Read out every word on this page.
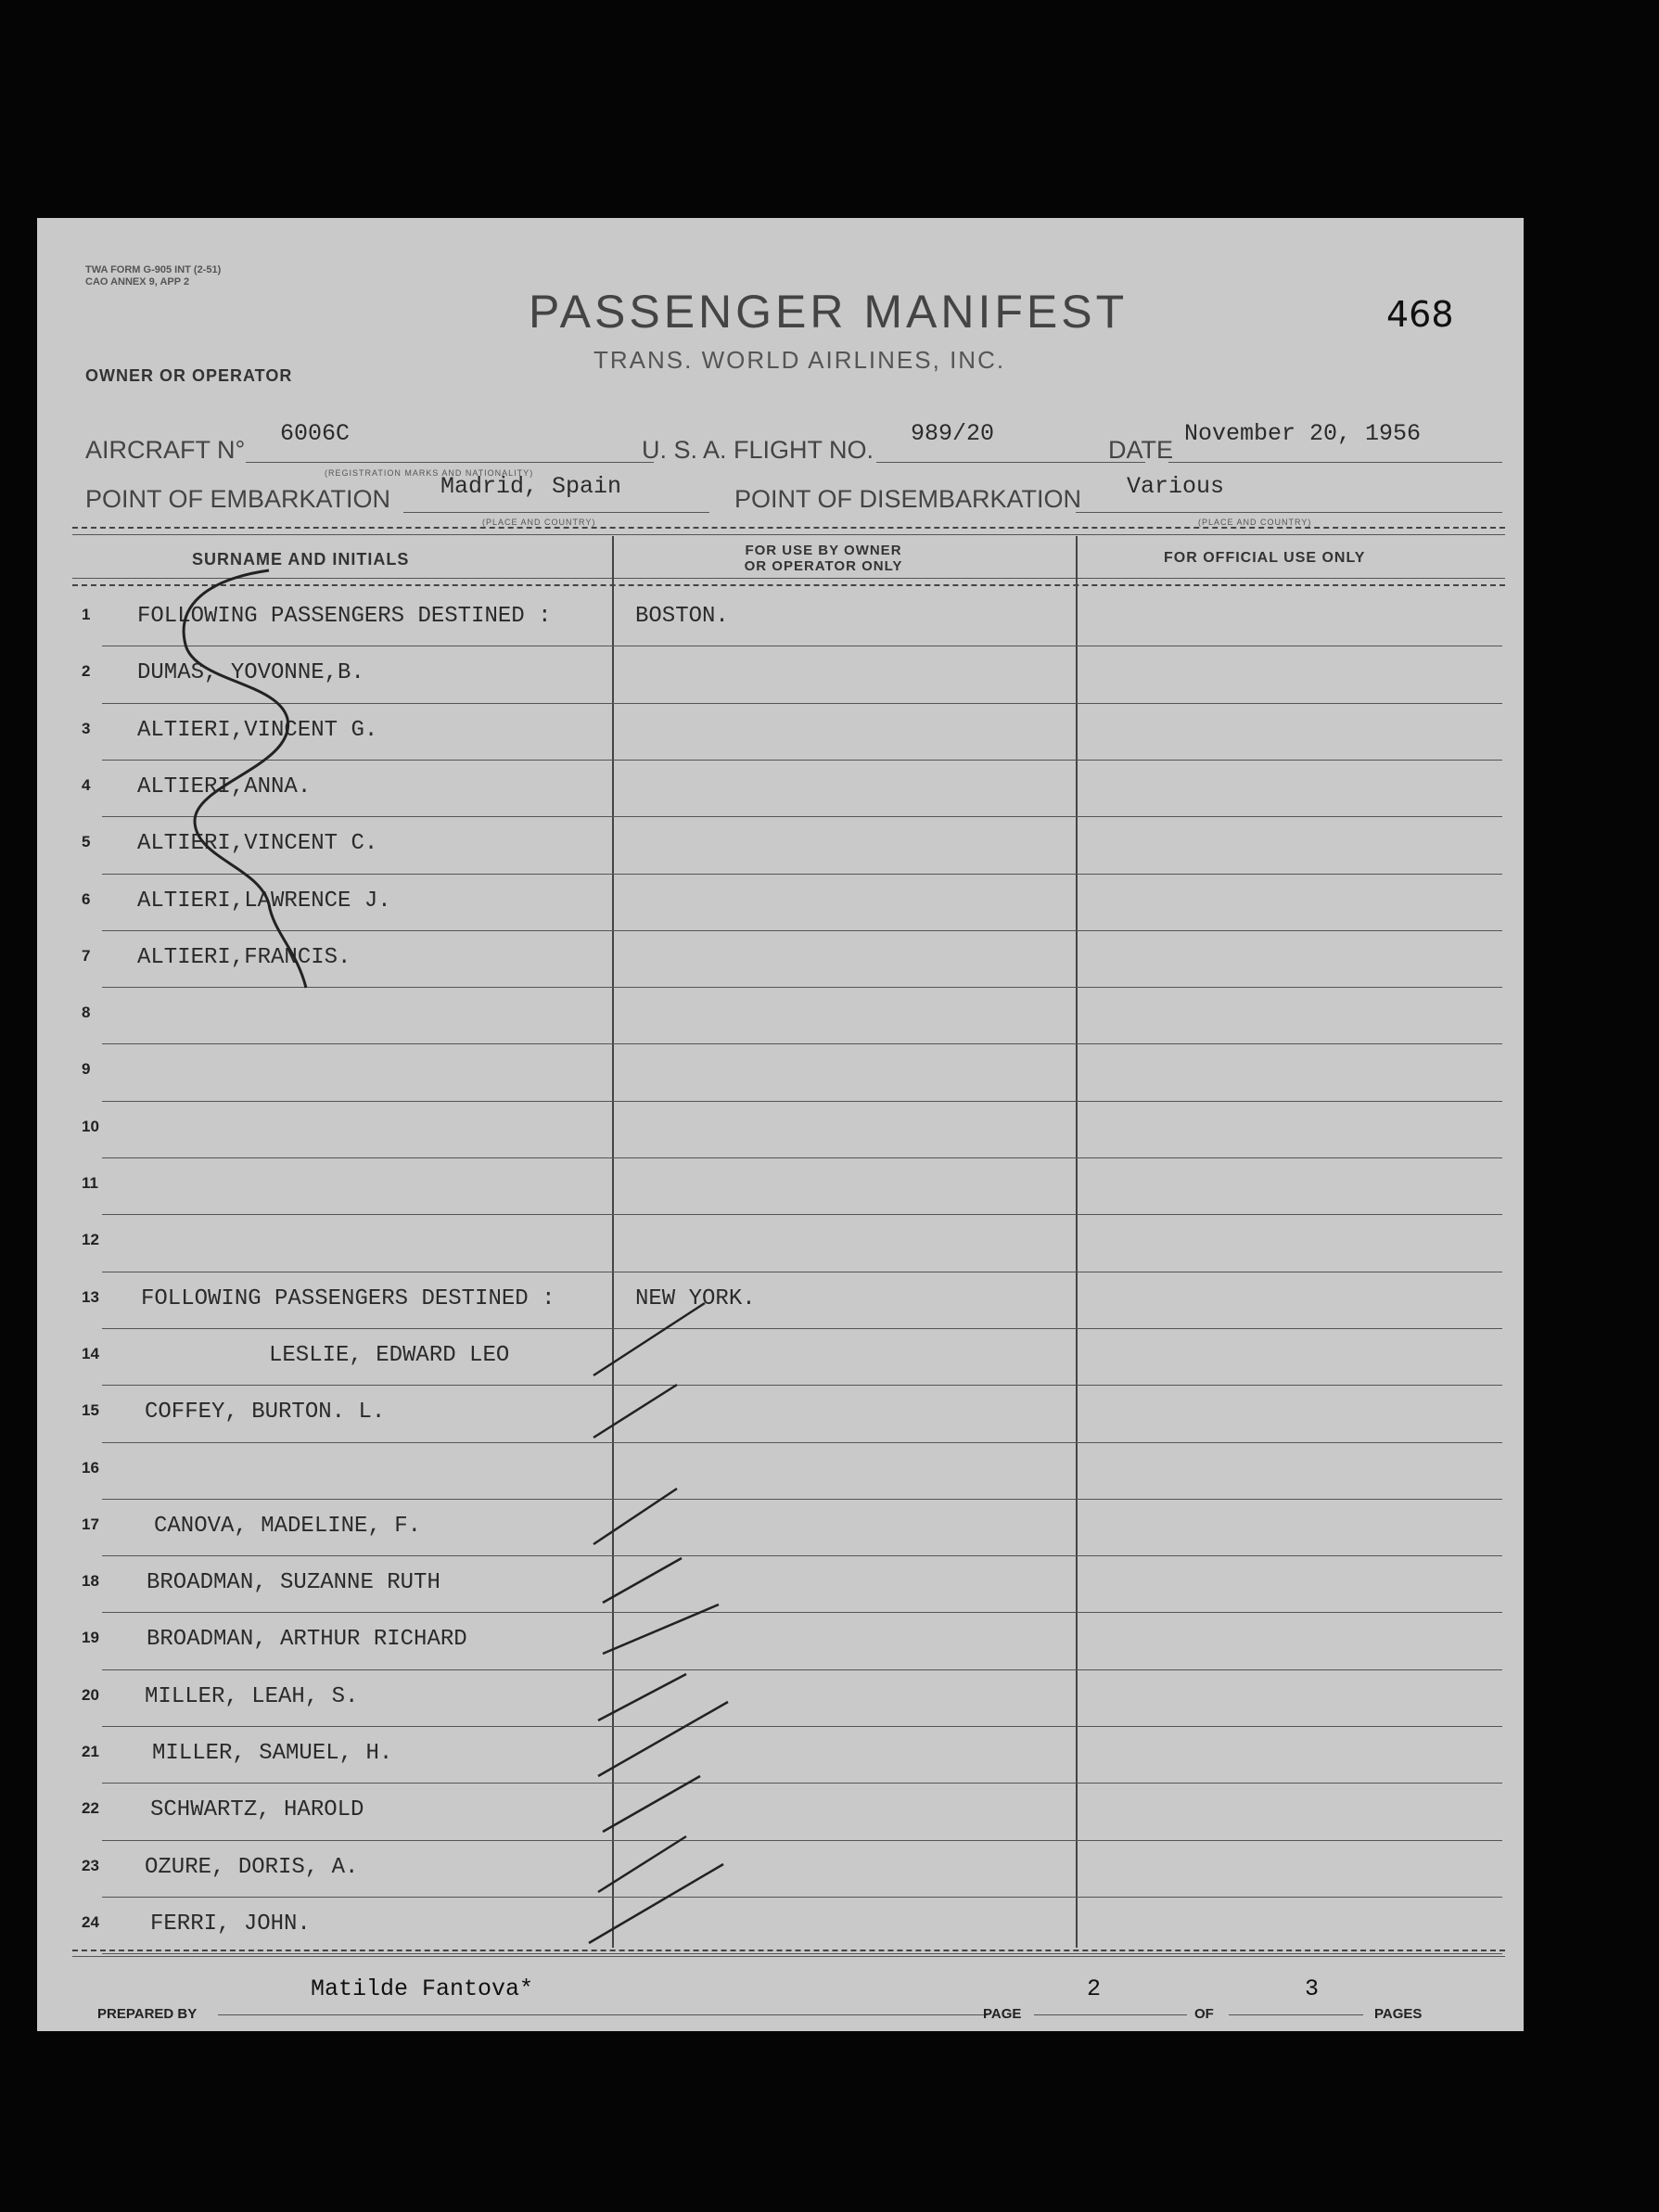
TWA FORM G-905 INT (2-51)
CAO ANNEX 9, APP 2
PASSENGER MANIFEST
TRANS. WORLD AIRLINES, INC.
468
OWNER OR OPERATOR
AIRCRAFT N°
6006C
(REGISTRATION MARKS AND NATIONALITY)
U. S. A. FLIGHT NO.
989/20
DATE
November 20, 1956
POINT OF EMBARKATION Madrid, Spain
(PLACE AND COUNTRY)
POINT OF DISEMBARKATION Various
(PLACE AND COUNTRY)
SURNAME AND INITIALS	FOR USE BY OWNER
OR OPERATOR ONLY
FOR OFFICIAL USE ONLY
1	FOLLOWING PASSENGERS DESTINED :	BOSTON.
2	DUMAS, YOVONNE,B.
3	ALTIERI,VINCENT G.
4	ALTIERI,ANNA.
5	ALTIERI,VINCENT C.
6	ALTIERI,LAWRENCE J.
7	ALTIERI,FRANCIS.
8
9
10
11
12
13	FOLLOWING PASSENGERS DESTINED :	NEW YORK.
14	LESLIE, EDWARD LEO
15	COFFEY, BURTON. L.
16
17	CANOVA, MADELINE, F.
18	BROADMAN, SUZANNE RUTH
19	BROADMAN, ARTHUR RICHARD
20	MILLER, LEAH, S.
21	MILLER, SAMUEL, H.
22	SCHWARTZ, HAROLD
23	OZURE, DORIS, A.
24	FERRI, JOHN.
Matilde Fantova*
PREPARED BY
2
PAGE	OF
3
PAGES
